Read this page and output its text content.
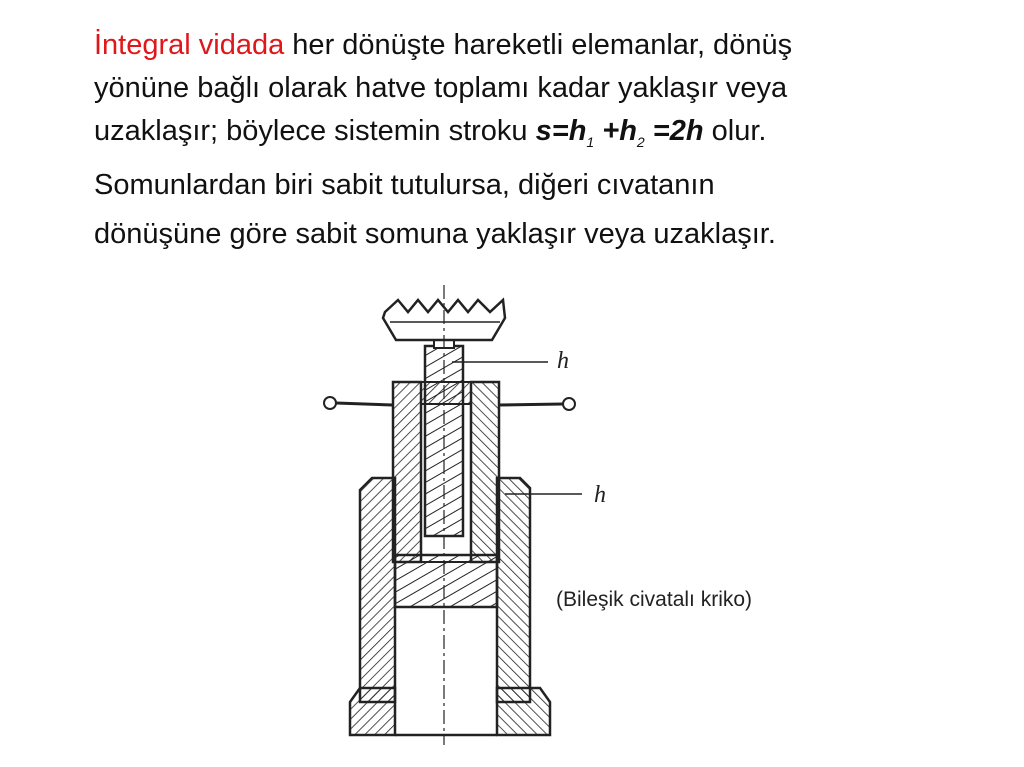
İntegral vidada her dönüşte hareketli elemanlar, dönüş
yönüne bağlı olarak hatve toplamı kadar yaklaşır veya
uzaklaşır; böylece sistemin stroku $s=h_1 +h_2 =2h$ olur.
Somunlardan biri sabit tutulursa, diğeri cıvatanın
dönüşüne göre sabit somuna yaklaşır veya uzaklaşır.
h
h
(Bileşik civatalı kriko)
